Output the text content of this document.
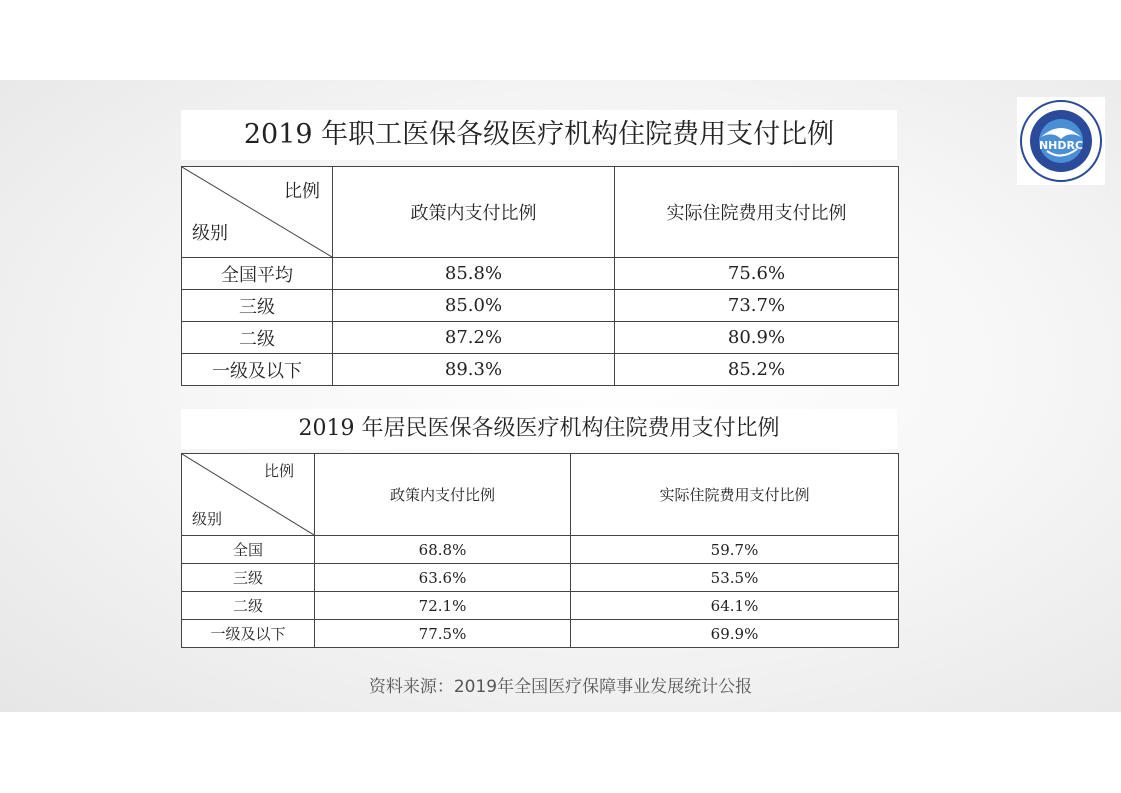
NHDRC
2019 年职工医保各级医疗机构住院费用支付比例
比例
级别	政策内支付比例	实际住院费用支付比例
全国平均	85.8%	75.6%
三级	85.0%	73.7%
二级	87.2%	80.9%
一级及以下	89.3%	85.2%
2019 年居民医保各级医疗机构住院费用支付比例
比例
级别	政策内支付比例	实际住院费用支付比例
全国	68.8%	59.7%
三级	63.6%	53.5%
二级	72.1%	64.1%
一级及以下	77.5%	69.9%
资料来源：2019年全国医疗保障事业发展统计公报
